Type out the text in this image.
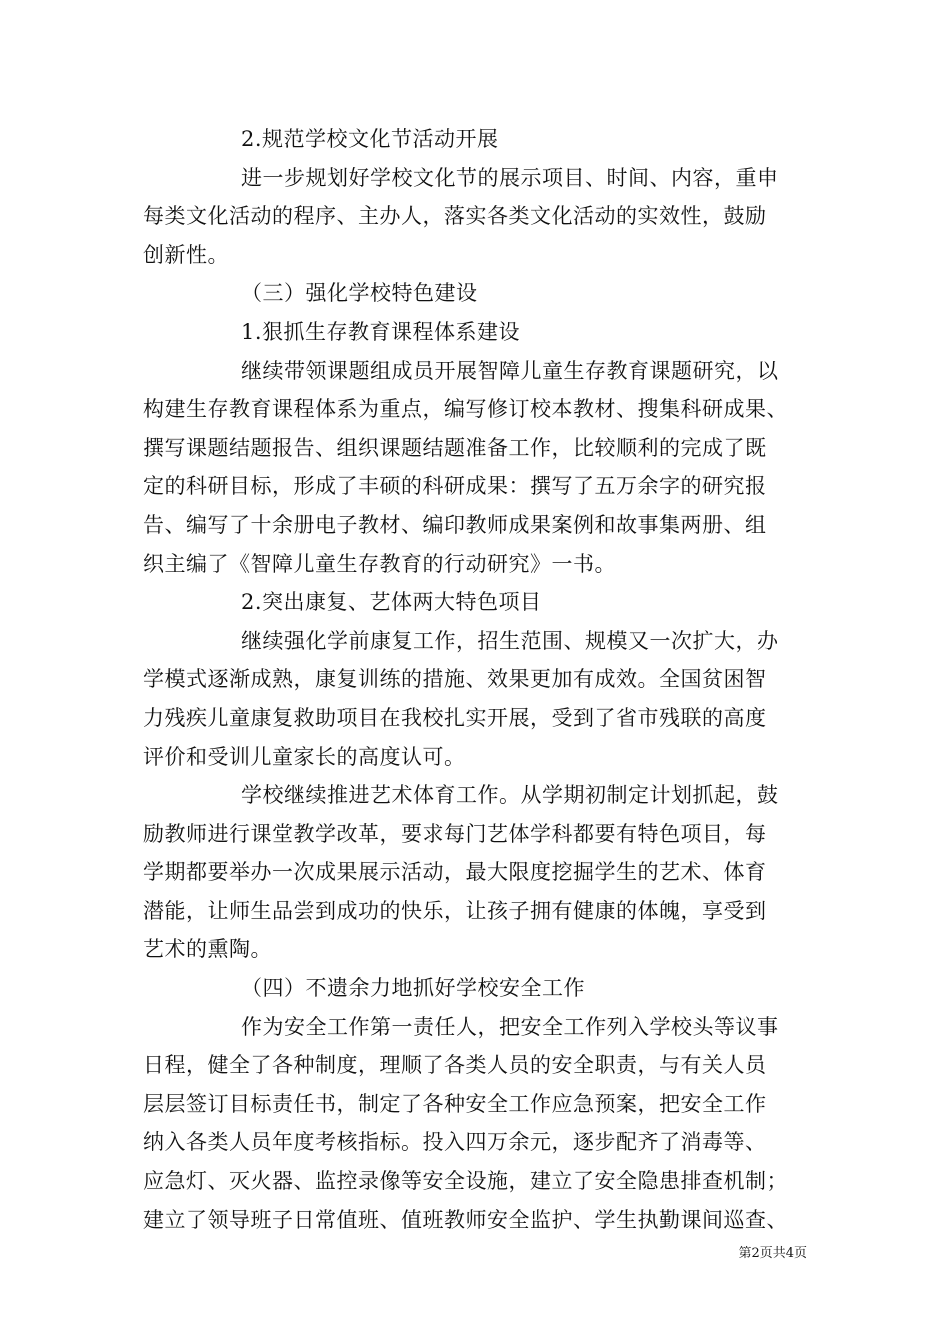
2.规范学校文化节活动开展
进一步规划好学校文化节的展示项目、时间、内容，重申
每类文化活动的程序、主办人，落实各类文化活动的实效性，鼓励
创新性。
（三）强化学校特色建设
1.狠抓生存教育课程体系建设
继续带领课题组成员开展智障儿童生存教育课题研究，以
构建生存教育课程体系为重点，编写修订校本教材、搜集科研成果、
撰写课题结题报告、组织课题结题准备工作，比较顺利的完成了既
定的科研目标，形成了丰硕的科研成果：撰写了五万余字的研究报
告、编写了十余册电子教材、编印教师成果案例和故事集两册、组
织主编了《智障儿童生存教育的行动研究》一书。
2.突出康复、艺体两大特色项目
继续强化学前康复工作，招生范围、规模又一次扩大，办
学模式逐渐成熟，康复训练的措施、效果更加有成效。全国贫困智
力残疾儿童康复救助项目在我校扎实开展，受到了省市残联的高度
评价和受训儿童家长的高度认可。
学校继续推进艺术体育工作。从学期初制定计划抓起，鼓
励教师进行课堂教学改革，要求每门艺体学科都要有特色项目，每
学期都要举办一次成果展示活动，最大限度挖掘学生的艺术、体育
潜能，让师生品尝到成功的快乐，让孩子拥有健康的体魄，享受到
艺术的熏陶。
（四）不遗余力地抓好学校安全工作
作为安全工作第一责任人，把安全工作列入学校头等议事
日程，健全了各种制度，理顺了各类人员的安全职责，与有关人员
层层签订目标责任书，制定了各种安全工作应急预案，把安全工作
纳入各类人员年度考核指标。投入四万余元，逐步配齐了消毒等、
应急灯、灭火器、监控录像等安全设施，建立了安全隐患排查机制；
建立了领导班子日常值班、值班教师安全监护、学生执勤课间巡查、
第2页共4页
